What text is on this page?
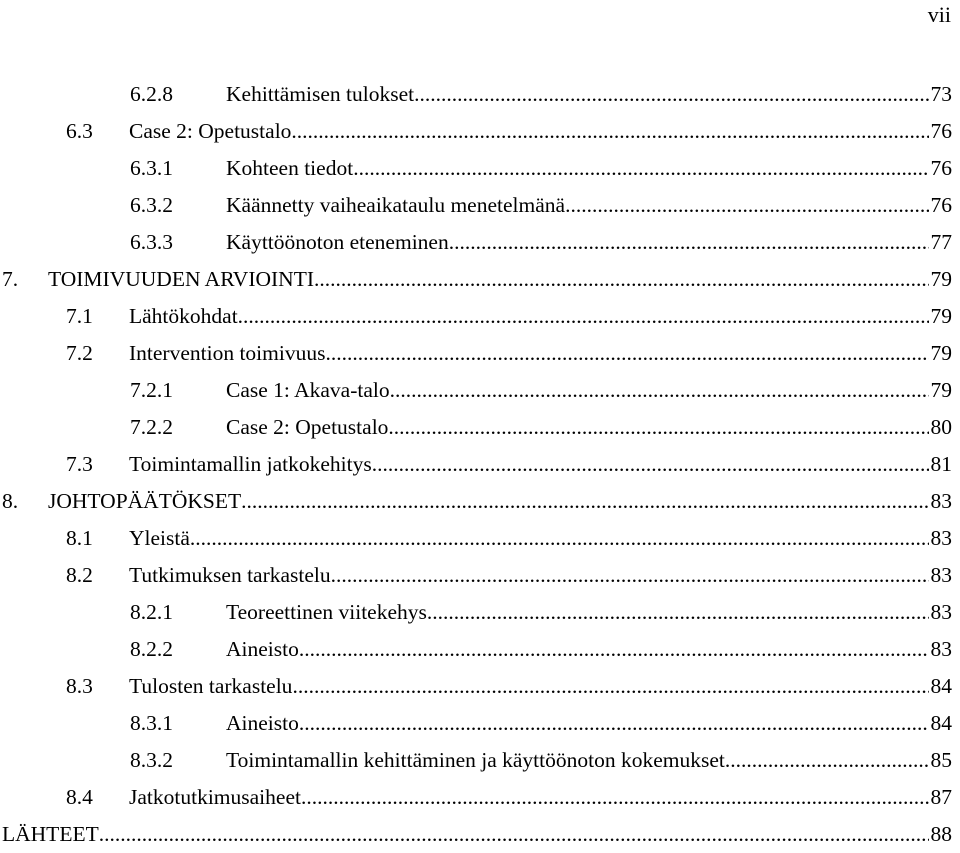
vii
6.2.8 Kehittämisen tulokset .....	73
6.3 Case 2: Opetustalo .....	76
6.3.1 Kohteen tiedot .....	76
6.3.2 Käännetty vaiheaikataulu menetelmänä .....	76
6.3.3 Käyttöönoton eteneminen .....	77
7. TOIMIVUUDEN ARVIOINTI .....	79
7.1 Lähtökohdat .....	79
7.2 Intervention toimivuus .....	79
7.2.1 Case 1: Akava-talo .....	79
7.2.2 Case 2: Opetustalo .....	80
7.3 Toimintamallin jatkokehitys .....	81
8. JOHTOPÄÄTÖKSET .....	83
8.1 Yleistä .....	83
8.2 Tutkimuksen tarkastelu .....	83
8.2.1 Teoreettinen viitekehys .....	83
8.2.2 Aineisto .....	83
8.3 Tulosten tarkastelu .....	84
8.3.1 Aineisto .....	84
8.3.2 Toimintamallin kehittäminen ja käyttöönoton kokemukset .....	85
8.4 Jatkotutkimusaiheet .....	87
LÄHTEET .....	88
